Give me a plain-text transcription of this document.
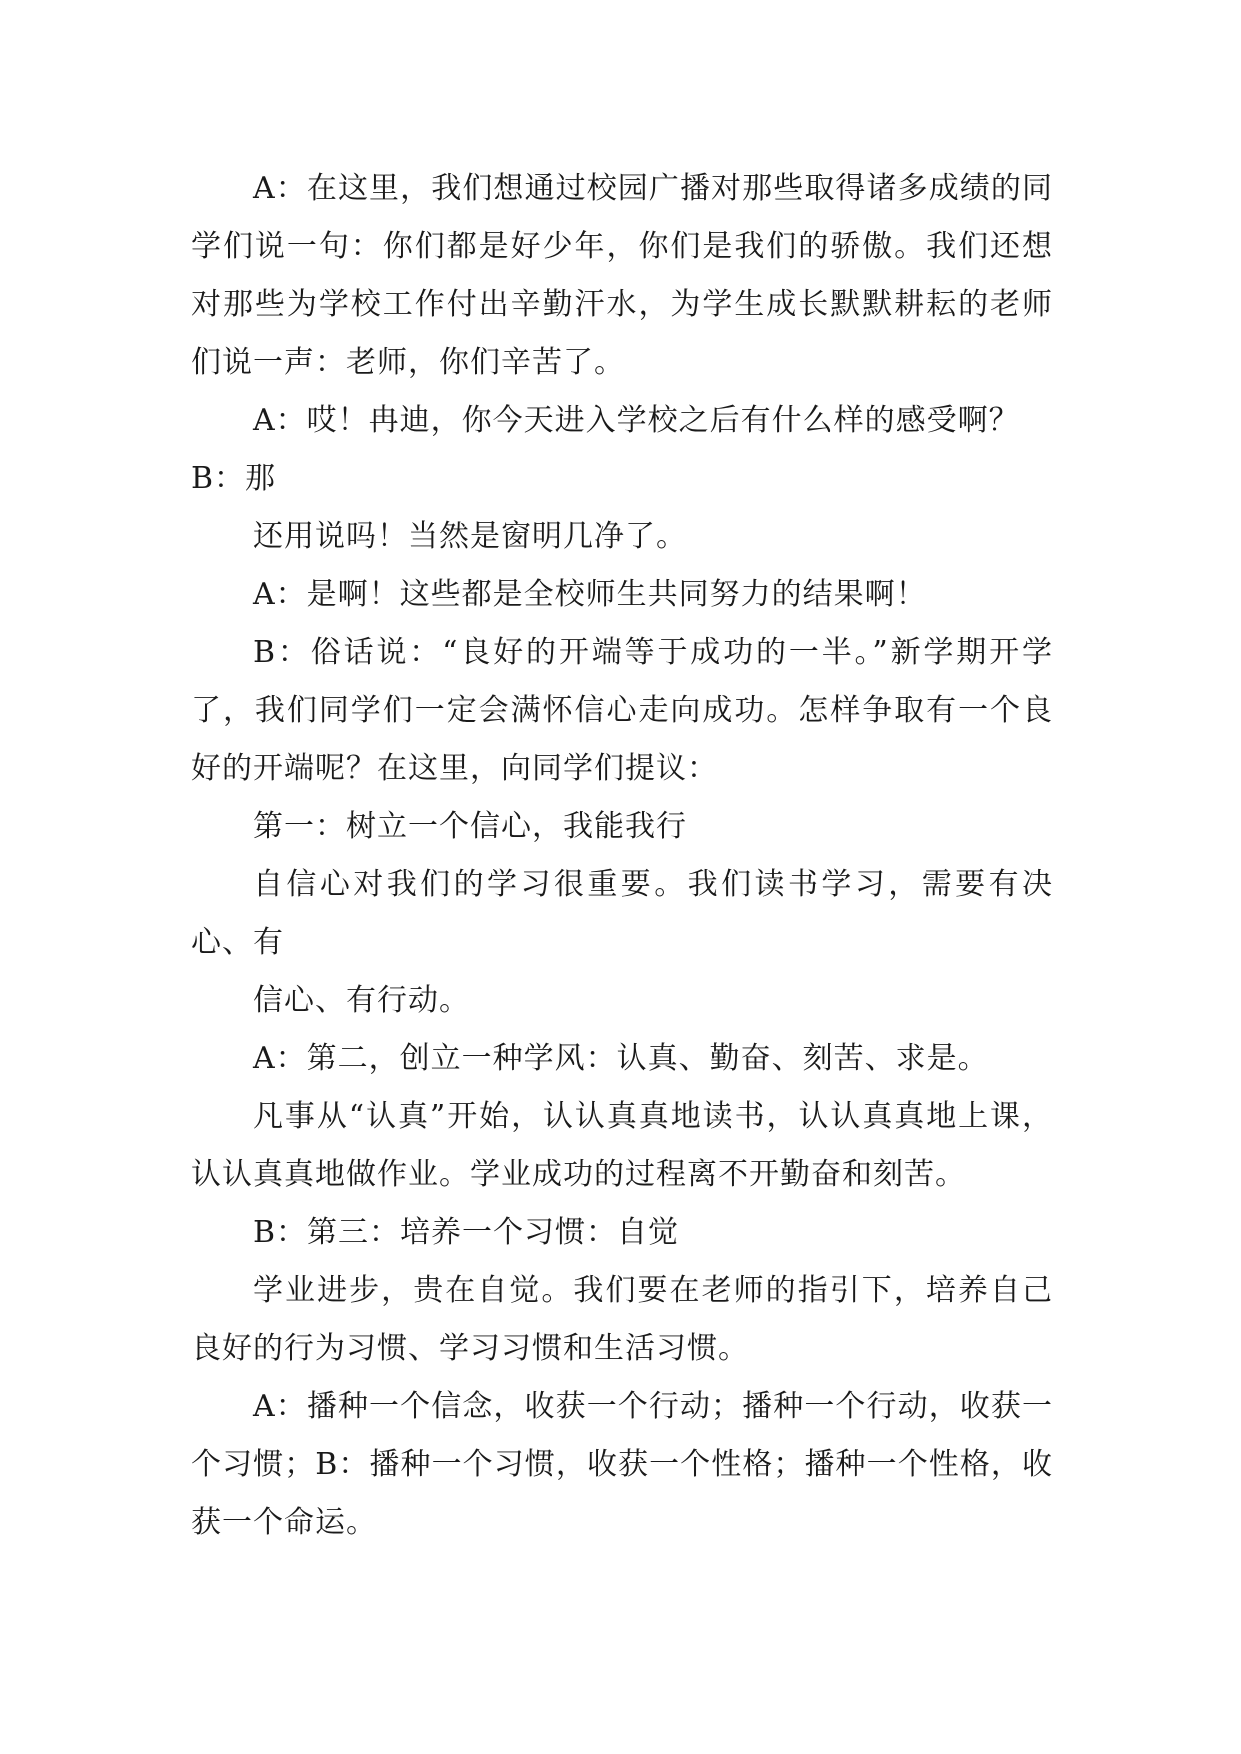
A：在这里，我们想通过校园广播对那些取得诸多成绩的同学们说一句：你们都是好少年，你们是我们的骄傲。我们还想对那些为学校工作付出辛勤汗水，为学生成长默默耕耘的老师们说一声：老师，你们辛苦了。

A：哎！冉迪，你今天进入学校之后有什么样的感受啊？

B：那

还用说吗！当然是窗明几净了。

A：是啊！这些都是全校师生共同努力的结果啊！

B：俗话说：“良好的开端等于成功的一半。”新学期开学了，我们同学们一定会满怀信心走向成功。怎样争取有一个良好的开端呢？在这里，向同学们提议：

第一：树立一个信心，我能我行

自信心对我们的学习很重要。我们读书学习，需要有决心、有

信心、有行动。

A：第二，创立一种学风：认真、勤奋、刻苦、求是。

凡事从“认真”开始，认认真真地读书，认认真真地上课，认认真真地做作业。学业成功的过程离不开勤奋和刻苦。

B：第三：培养一个习惯：自觉

学业进步，贵在自觉。我们要在老师的指引下，培养自己良好的行为习惯、学习习惯和生活习惯。

A：播种一个信念，收获一个行动；播种一个行动，收获一个习惯；B：播种一个习惯，收获一个性格；播种一个性格，收获一个命运。
